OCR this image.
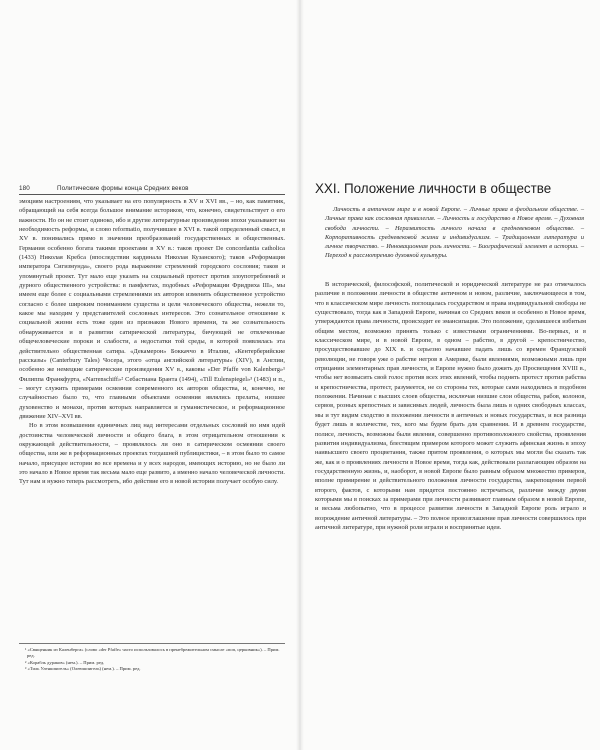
180	Политические формы конца Средних веков

эмоциям настроениям, что указывает на его популярность в XV и XVI вв., – но, как памятник, обращающий на себя всегда большое внимание историков, что, конечно, свидетельствует о его важности. Но он не стоит одиноко, ибо и другие литературные произведения эпохи указывают на необходимость реформы, и слово reformatio, получившее в XVI в. такой определенный смысл, в XV в. понимались прямо в значении преобразований государственных и общественных. Германия особенно богата такими проектами в XV в.: таков проект De concordantia catholica (1433) Николая Кребса (впоследствии кардинала Николая Кузанского); таков «Реформация императора Сигизмунда», своего рода выражение стремлений городского сословия; таков и упомянутый проект. Тут мало еще указать на социальный протест против злоупотреблений и дурного общественного устройства: в памфлетах, подобных «Реформации Фридриха III», мы имеем еще более с социальными стремлениями их авторов изменить общественное устройство согласно с более широким пониманием существа и цели человеческого общества, нежели то, какое мы находим у представителей сословных интересов. Это сознательное отношение к социальной жизни есть тоже один из признаков Нового времени, та же сознательность обнаруживается и в развитии сатирической литературы, бичующей не отвлеченные общечеловеческие пороки и слабости, а недостатки той среды, в которой появлялась эта действительно общественная сатира. «Декамерон» Боккаччо в Италии, «Кентерберийские рассказы» (Canterbury Tales) Чосера, этого «отца английской литературы» (XIV), в Англии, особенно же немецкие сатирические произведения XV в., каковы «Der Pfaffe von Kalenberg»¹ Филиппа Франкфурта, «Narrenschiff»² Себастиана Бранта (1494), «Till Eulenspiegel»³ (1483) и п., – могут служить примерами осмеяния современного их авторов общества, и, конечно, не случайностью было то, что главными объектами осмеяния являлись прелаты, низшее духовенство и монахи, против которых направляется и гуманистическое, и реформационное движение XIV–XVI вв.

Но в этом возвышении единичных лиц над интересами отдельных сословий во имя идей достоинства человеческой личности и общего блага, в этом отрицательном отношении к окружающей действительности, – проявлялось ли оно в сатирическом осмеянии своего общества, или же в реформационных проектах тогдашней публицистики, – в этом было то самое начало, присущее истории во все времена и у всех народов, имеющих историю, но не было ли это начало в Новое время так весьма мало еще развито, а именно начало человеческой личности. Тут нам и нужно теперь рассмотреть, ибо действие его в новой истории получает особую силу.

¹ «Священник из Каленберга» (слово «der Pfaffe» часто использовалось в пренебрежительном смысле «поп, церковник»). – Прим. ред.

² «Корабль дураков» (нем.). – Прим. ред.

³ «Тиль Уленшпигель» (Олеюшпигель) (нем.). – Прим. ред.

XXI. Положение личности в обществе

Личность в античном мире и в новой Европе. – Личные права в феодальном обществе. – Личные права как сословная привилегия. – Личность и государство в Новое время. – Духовная свобода личности. – Неразвитость личного начала в средневековом обществе. – Корпоративность средневековой жизни и индивидуализм. – Традиционная литература и личное творчество. – Инновационная роль личности. – Биографический элемент в истории. – Переход к рассмотрению духовной культуры.

В исторической, философской, политической и юридической литературе не раз отмечалось различие в положении личности в обществе античном и новом, различие, заключающееся в том, что в классическом мире личность поглощалась государством и права индивидуальной свободы не существовало, тогда как в Западной Европе, начиная со Средних веков и особенно в Новое время, утверждаются права личности, происходит ее эмансипация. Это положение, сделавшееся избитым общим местом, возможно принять только с известными ограничениями. Во-первых, и в классическом мире, и в новой Европе, в одном – рабство, в другой – крепостничество, просуществовавшее до XIX в. и серьезно начавшее падать лишь со времен Французской революции, не говоря уже о рабстве негров в Америке, были явлениями, возможными лишь при отрицании элементарных прав личности, и Европе нужно было дожить до Просвещения XVIII в., чтобы нет возвысить свой голос против всех этих явлений, чтобы поднять протест против рабства и крепостничества, протест, разумеется, не со стороны тех, которые сами находились в подобном положении. Начиная с высших слоев общества, исключая низшие слои общества, рабов, колонов, сервов, розных крепостных и зависимых людей, личность была лишь в одних свободных классах, мы и тут видим сходство в положении личности в античных и новых государствах, и вся разница будет лишь в количестве, тех, кого мы будем брать для сравнения. И в древнем государстве, полисе, личность, возможны были явления, совершенно противоположного свойства, проявления развития индивидуализма, блестящим примером которого может служить афинская жизнь в эпоху наивысшего своего процветания, также притом проявления, о которых мы могли бы сказать так же, как и о проявлениях личности в Новое время, тогда как, действовали разлагающим образом на государственную жизнь, и, наоборот, в новой Европе было равным образом множество примеров, вполне примирение и действительного положения личности государства, закрепощения первой второго, фактов, с которыми нам придется постоянно встречаться, различие между двумя которыми мы в поисках за примерами при личности развивают главным образом в новой Европе, и весьма любопытно, что в процессе развития личности в Западной Европе роль играло и возрождение античной литературы. – Это полное провозглашение прав личности совершилось при античной литературе, при нужной роли играли и воспринятые идеи.
